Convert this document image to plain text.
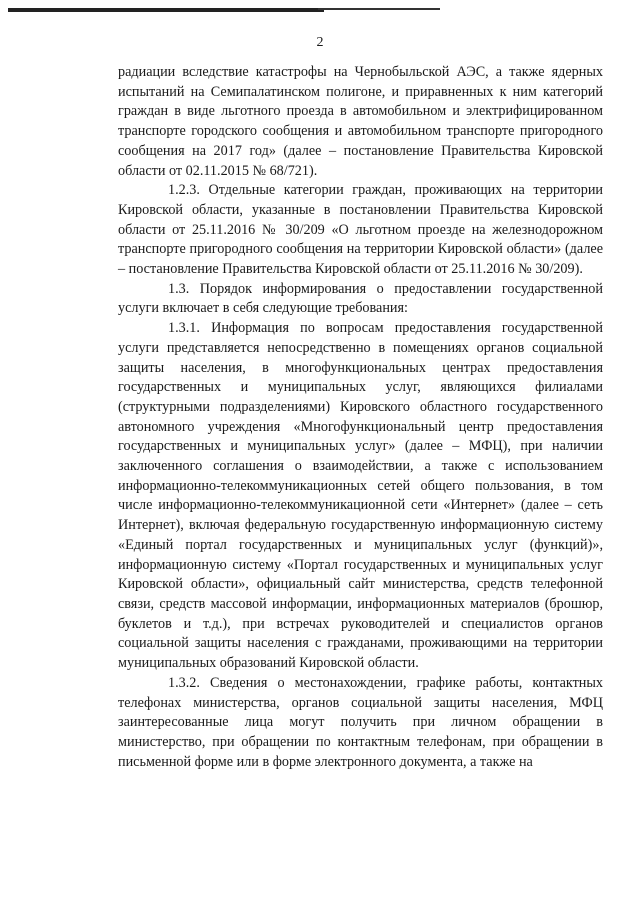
2

радиации вследствие катастрофы на Чернобыльской АЭС, а также ядерных испытаний на Семипалатинском полигоне, и приравненных к ним категорий граждан в виде льготного проезда в автомобильном и электрифицированном транспорте городского сообщения и автомобильном транспорте пригородного сообщения на 2017 год» (далее – постановление Правительства Кировской области от 02.11.2015 № 68/721).

1.2.3. Отдельные категории граждан, проживающих на территории Кировской области, указанные в постановлении Правительства Кировской области от 25.11.2016 № 30/209 «О льготном проезде на железнодорожном транспорте пригородного сообщения на территории Кировской области» (далее – постановление Правительства Кировской области от 25.11.2016 № 30/209).

1.3. Порядок информирования о предоставлении государственной услуги включает в себя следующие требования:

1.3.1. Информация по вопросам предоставления государственной услуги представляется непосредственно в помещениях органов социальной защиты населения, в многофункциональных центрах предоставления государственных и муниципальных услуг, являющихся филиалами (структурными подразделениями) Кировского областного государственного автономного учреждения «Многофункциональный центр предоставления государственных и муниципальных услуг» (далее – МФЦ), при наличии заключенного соглашения о взаимодействии, а также с использованием информационно-телекоммуникационных сетей общего пользования, в том числе информационно-телекоммуникационной сети «Интернет» (далее – сеть Интернет), включая федеральную государственную информационную систему «Единый портал государственных и муниципальных услуг (функций)», информационную систему «Портал государственных и муниципальных услуг Кировской области», официальный сайт министерства, средств телефонной связи, средств массовой информации, информационных материалов (брошюр, буклетов и т.д.), при встречах руководителей и специалистов органов социальной защиты населения с гражданами, проживающими на территории муниципальных образований Кировской области.

1.3.2. Сведения о местонахождении, графике работы, контактных телефонах министерства, органов социальной защиты населения, МФЦ заинтересованные лица могут получить при личном обращении в министерство, при обращении по контактным телефонам, при обращении в письменной форме или в форме электронного документа, а также на
